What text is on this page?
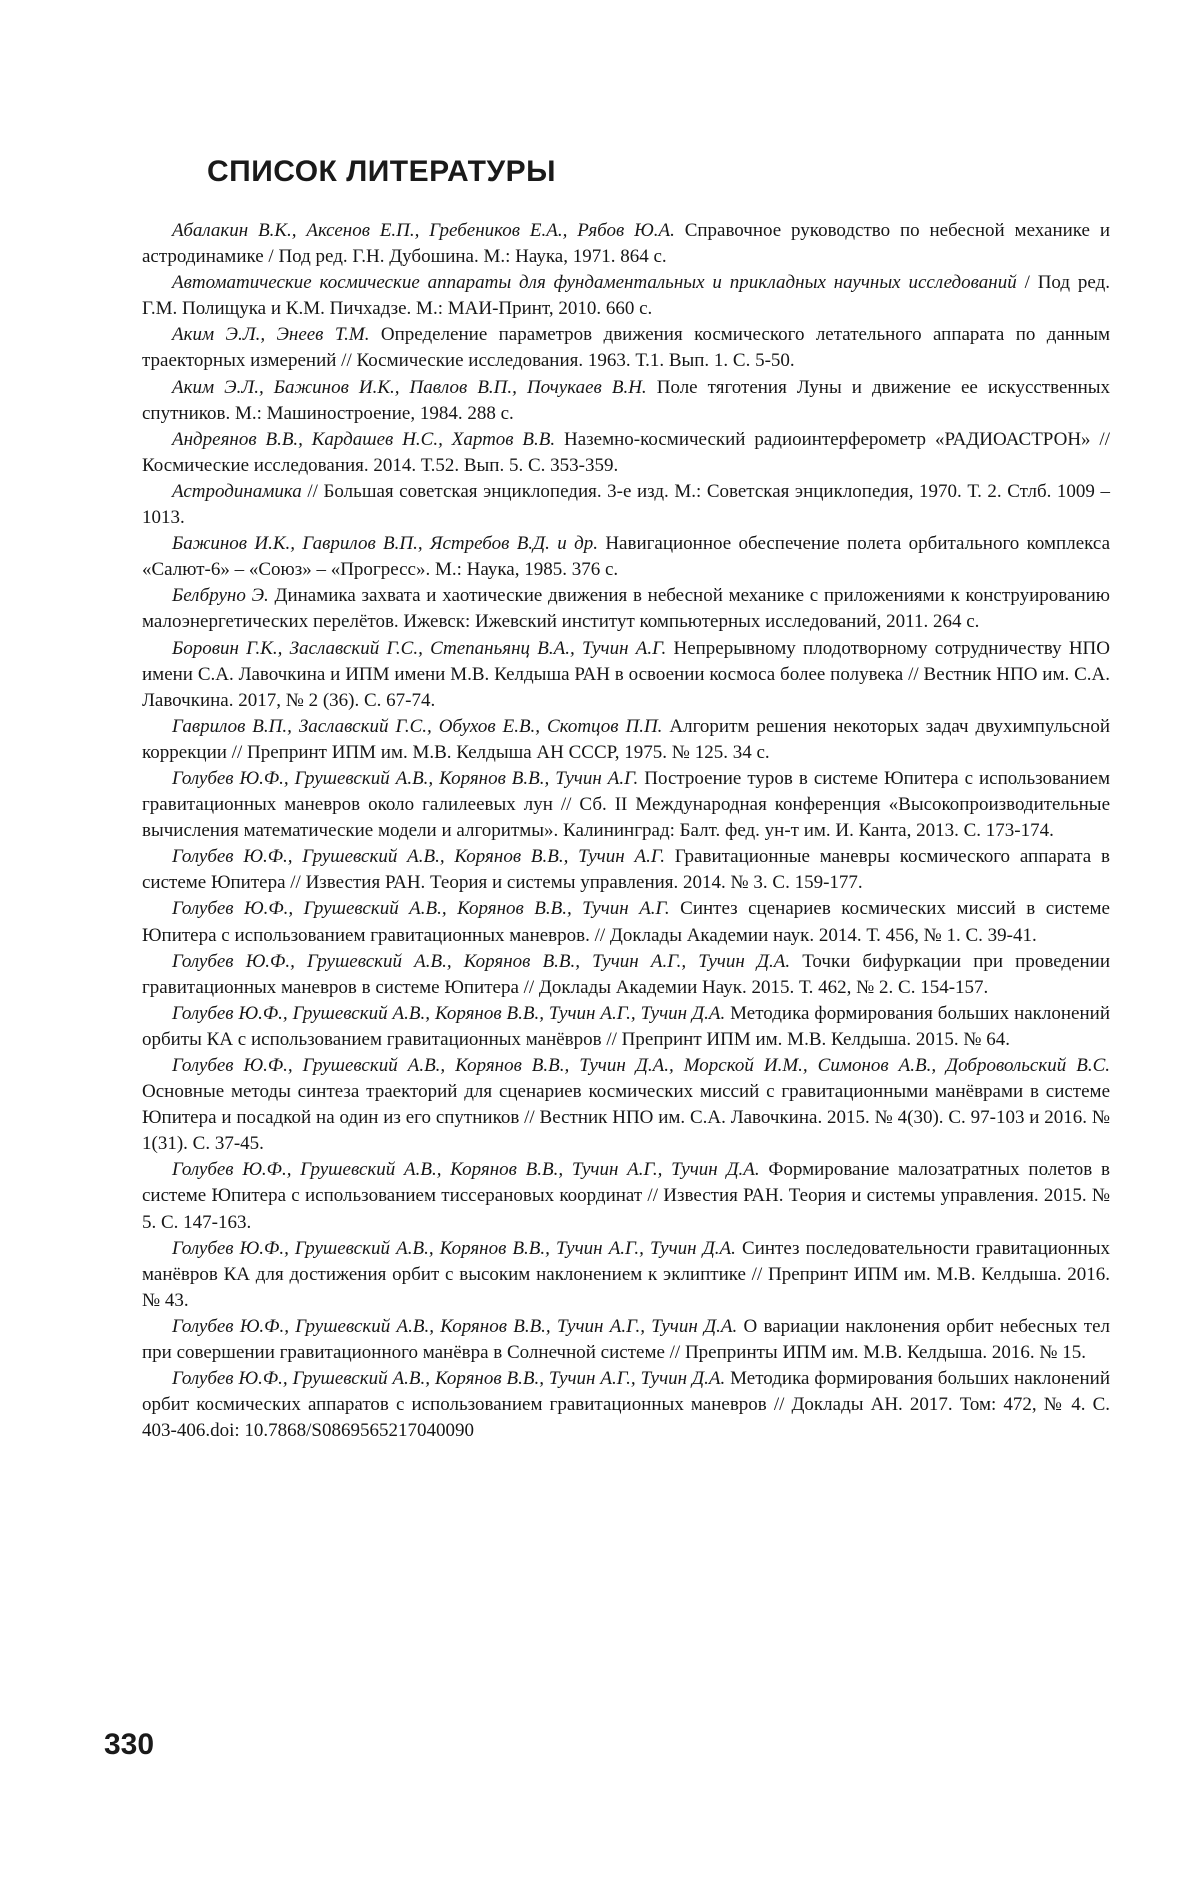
СПИСОК ЛИТЕРАТУРЫ
Абалакин В.К., Аксенов Е.П., Гребеников Е.А., Рябов Ю.А. Справочное руководство по небесной механике и астродинамике / Под ред. Г.Н. Дубошина. М.: Наука, 1971. 864 с.
Автоматические космические аппараты для фундаментальных и прикладных научных исследований / Под ред. Г.М. Полищука и К.М. Пичхадзе. М.: МАИ-Принт, 2010. 660 с.
Аким Э.Л., Энеев Т.М. Определение параметров движения космического летательного аппарата по данным траекторных измерений // Космические исследования. 1963. Т.1. Вып. 1. С. 5-50.
Аким Э.Л., Бажинов И.К., Павлов В.П., Почукаев В.Н. Поле тяготения Луны и движение ее искусственных спутников. М.: Машиностроение, 1984. 288 с.
Андреянов В.В., Кардашев Н.С., Хартов В.В. Наземно-космический радиоинтерферометр «РАДИОАСТРОН» // Космические исследования. 2014. Т.52. Вып. 5. С. 353-359.
Астродинамика // Большая советская энциклопедия. 3-е изд. М.: Советская энциклопедия, 1970. Т. 2. Стлб. 1009 – 1013.
Бажинов И.К., Гаврилов В.П., Ястребов В.Д. и др. Навигационное обеспечение полета орбитального комплекса «Салют-6» – «Союз» – «Прогресс». М.: Наука, 1985. 376 с.
Белбруно Э. Динамика захвата и хаотические движения в небесной механике с приложениями к конструированию малоэнергетических перелётов. Ижевск: Ижевский институт компьютерных исследований, 2011. 264 с.
Боровин Г.К., Заславский Г.С., Степаньянц В.А., Тучин А.Г. Непрерывному плодотворному сотрудничеству НПО имени С.А. Лавочкина и ИПМ имени М.В. Келдыша РАН в освоении космоса более полувека // Вестник НПО им. С.А. Лавочкина. 2017, № 2 (36). С. 67-74.
Гаврилов В.П., Заславский Г.С., Обухов Е.В., Скотцов П.П. Алгоритм решения некоторых задач двухимпульсной коррекции // Препринт ИПМ им. М.В. Келдыша АН СССР, 1975. № 125. 34 с.
Голубев Ю.Ф., Грушевский А.В., Корянов В.В., Тучин А.Г. Построение туров в системе Юпитера с использованием гравитационных маневров около галилеевых лун // Сб. II Международная конференция «Высокопроизводительные вычисления математические модели и алгоритмы». Калининград: Балт. фед. ун-т им. И. Канта, 2013. С. 173-174.
Голубев Ю.Ф., Грушевский А.В., Корянов В.В., Тучин А.Г. Гравитационные маневры космического аппарата в системе Юпитера // Известия РАН. Теория и системы управления. 2014. № 3. С. 159-177.
Голубев Ю.Ф., Грушевский А.В., Корянов В.В., Тучин А.Г. Синтез сценариев космических миссий в системе Юпитера с использованием гравитационных маневров. // Доклады Академии наук. 2014. Т. 456, № 1. С. 39-41.
Голубев Ю.Ф., Грушевский А.В., Корянов В.В., Тучин А.Г., Тучин Д.А. Точки бифуркации при проведении гравитационных маневров в системе Юпитера // Доклады Академии Наук. 2015. Т. 462, № 2. С. 154-157.
Голубев Ю.Ф., Грушевский А.В., Корянов В.В., Тучин А.Г., Тучин Д.А. Методика формирования больших наклонений орбиты КА с использованием гравитационных манёвров // Препринт ИПМ им. М.В. Келдыша. 2015. № 64.
Голубев Ю.Ф., Грушевский А.В., Корянов В.В., Тучин Д.А., Морской И.М., Симонов А.В., Добровольский В.С. Основные методы синтеза траекторий для сценариев космических миссий с гравитационными манёврами в системе Юпитера и посадкой на один из его спутников // Вестник НПО им. С.А. Лавочкина. 2015. № 4(30). С. 97-103 и 2016. № 1(31). С. 37-45.
Голубев Ю.Ф., Грушевский А.В., Корянов В.В., Тучин А.Г., Тучин Д.А. Формирование малозатратных полетов в системе Юпитера с использованием тиссерановых координат // Известия РАН. Теория и системы управления. 2015. № 5. С. 147-163.
Голубев Ю.Ф., Грушевский А.В., Корянов В.В., Тучин А.Г., Тучин Д.А. Синтез последовательности гравитационных манёвров КА для достижения орбит с высоким наклонением к эклиптике // Препринт ИПМ им. М.В. Келдыша. 2016. № 43.
Голубев Ю.Ф., Грушевский А.В., Корянов В.В., Тучин А.Г., Тучин Д.А. О вариации наклонения орбит небесных тел при совершении гравитационного манёвра в Солнечной системе // Препринты ИПМ им. М.В. Келдыша. 2016. № 15.
Голубев Ю.Ф., Грушевский А.В., Корянов В.В., Тучин А.Г., Тучин Д.А. Методика формирования больших наклонений орбит космических аппаратов с использованием гравитационных маневров // Доклады АН. 2017. Том: 472, № 4. С. 403-406.doi: 10.7868/S0869565217040090
330
